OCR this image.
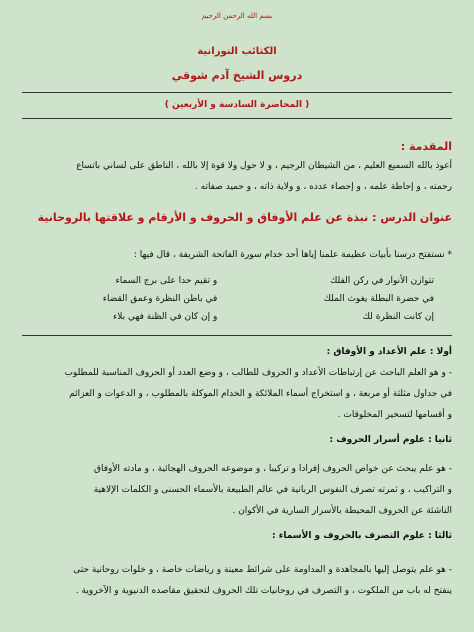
بسم الله الرحمن الرحيم
الكتائب النورانية
دروس الشيخ آدم شوقي
( المحاضرة السادسة و الأربعين )
المقدمة :
أعوذ بالله السميع العليم ، من الشيطان الرجيم ، و لا حول ولا قوة إلا بالله ، الناطق على لساني باتساع
رحمته ، و إحاطة علمه ، و إحصاء عدده ، و ولاية ذاته ، و حميد صفاته .
عنوان الدرس : نبذة عن علم الأوفاق و الحروف و الأرقام و علاقتها بالروحانية
* نستفتح درسنا بأبيات عظيمة علمنا إياها أحد خدام سورة الفاتحة الشريفة ، قال فيها :
تتوازن الأنوار في ركن الفلك
و تقيم حدا على برج السماء
في حضرة البطلة يغوث الملك
في باطن النظرة وعمق القضاء
إن كانت النظرة لك
و إن كان في الظنة فهي بلاء
أولا : علم الأعداد و الأوفاق :
- و هو العلم الباحث عن إرتباطات الأعداد و الحروف للطالب ، و وضع العدد أو الحروف المناسبة للمطلوب
في جداول مثلثة أو مربعة ، و استخراج أسماء الملائكة و الخدام الموكلة بالمطلوب ، و الدعوات و العزائم
و أقسامها لتسخير المخلوقات .
ثانيا : علوم أسرار الحروف :
- هو علم يبحث عن خواص الحروف إفرادا و تركيبا ، و موضوعه الحروف الهجائية ، و مادته الأوفاق
و التراكيب ، و ثمرته تصرف النفوس الربانية في عالم الطبيعة بالأسماء الحسنى و الكلمات الإلاهية
الناشئة عن الحروف المحيطة بالأسرار السارية في الأكوان .
ثالثا : علوم التصرف بالحروف و الأسماء :
- هو علم يتوصل إليها بالمجاهدة و المداومة على شرائط معينة و رياضات خاصة ، و خلوات روحانية حتى
ينفتح له باب من الملكوت ، و التصرف في روحانيات تلك الحروف لتحقيق مقاصده الدنيوية و الآخروية .
